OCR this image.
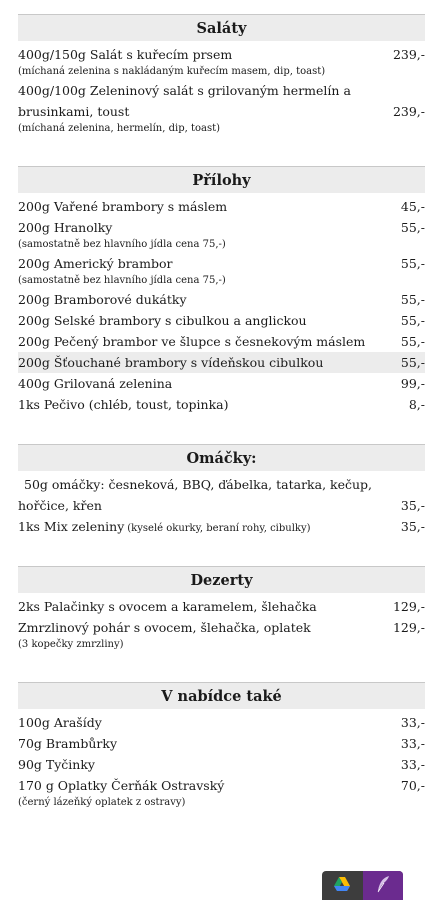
Saláty
400g/150g Salát s kuřecím prsem	239,-
(míchaná zelenina s nakládaným kuřecím masem, dip, toast)
400g/100g Zeleninový salát s grilovaným hermelín a brusinkami, toust	239,-
(míchaná zelenina, hermelín, dip, toast)
Přílohy
200g Vařené brambory s máslem	45,-
200g Hranolky	55,-
(samostatně bez hlavního jídla cena 75,-)
200g Americký brambor	55,-
(samostatně bez hlavního jídla cena 75,-)
200g Bramborové dukátky	55,-
200g Selské brambory s cibulkou a anglickou	55,-
200g Pečený brambor ve šlupce s česnekovým máslem	55,-
200g Šťouchané brambory s vídeňskou cibulkou	55,-
400g Grilovaná zelenina	99,-
1ks Pečivo (chléb, toust, topinka)	8,-
Omáčky:
50g omáčky: česneková, BBQ, ďábelka, tatarka, kečup,
hořčice, křen	35,-
1ks Mix zeleniny (kyselé okurky, beraní rohy, cibulky)	35,-
Dezerty
2ks Palačinky s ovocem a karamelem, šlehačka	129,-
Zmrzlinový pohár s ovocem, šlehačka, oplatek	129,-
(3 kopečky zmrzliny)
V nabídce také
100g Arašídy	33,-
70g Brambůrky	33,-
90g Tyčinky	33,-
170 g Oplatky Čerňák Ostravský	70,-
(černý lázeňký oplatek z ostravy)
